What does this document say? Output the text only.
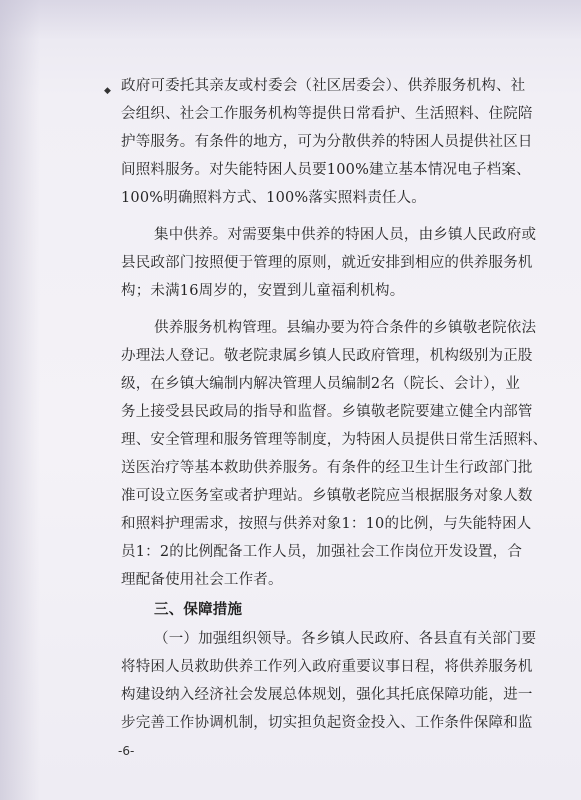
◆ 政府可委托其亲友或村委会（社区居委会）、供养服务机构、社
会组织、社会工作服务机构等提供日常看护、生活照料、住院陪
护等服务。有条件的地方，可为分散供养的特困人员提供社区日
间照料服务。对失能特困人员要100%建立基本情况电子档案、
100%明确照料方式、100%落实照料责任人。
集中供养。对需要集中供养的特困人员，由乡镇人民政府或
县民政部门按照便于管理的原则，就近安排到相应的供养服务机
构；未满16周岁的，安置到儿童福利机构。
供养服务机构管理。县编办要为符合条件的乡镇敬老院依法
办理法人登记。敬老院隶属乡镇人民政府管理，机构级别为正股
级，在乡镇大编制内解决管理人员编制2名（院长、会计），业
务上接受县民政局的指导和监督。乡镇敬老院要建立健全内部管
理、安全管理和服务管理等制度，为特困人员提供日常生活照料、
送医治疗等基本救助供养服务。有条件的经卫生计生行政部门批
准可设立医务室或者护理站。乡镇敬老院应当根据服务对象人数
和照料护理需求，按照与供养对象1：10的比例，与失能特困人
员1：2的比例配备工作人员，加强社会工作岗位开发设置，合
理配备使用社会工作者。
三、保障措施
（一）加强组织领导。各乡镇人民政府、各县直有关部门要
将特困人员救助供养工作列入政府重要议事日程，将供养服务机
构建设纳入经济社会发展总体规划，强化其托底保障功能，进一
步完善工作协调机制，切实担负起资金投入、工作条件保障和监
-6-
